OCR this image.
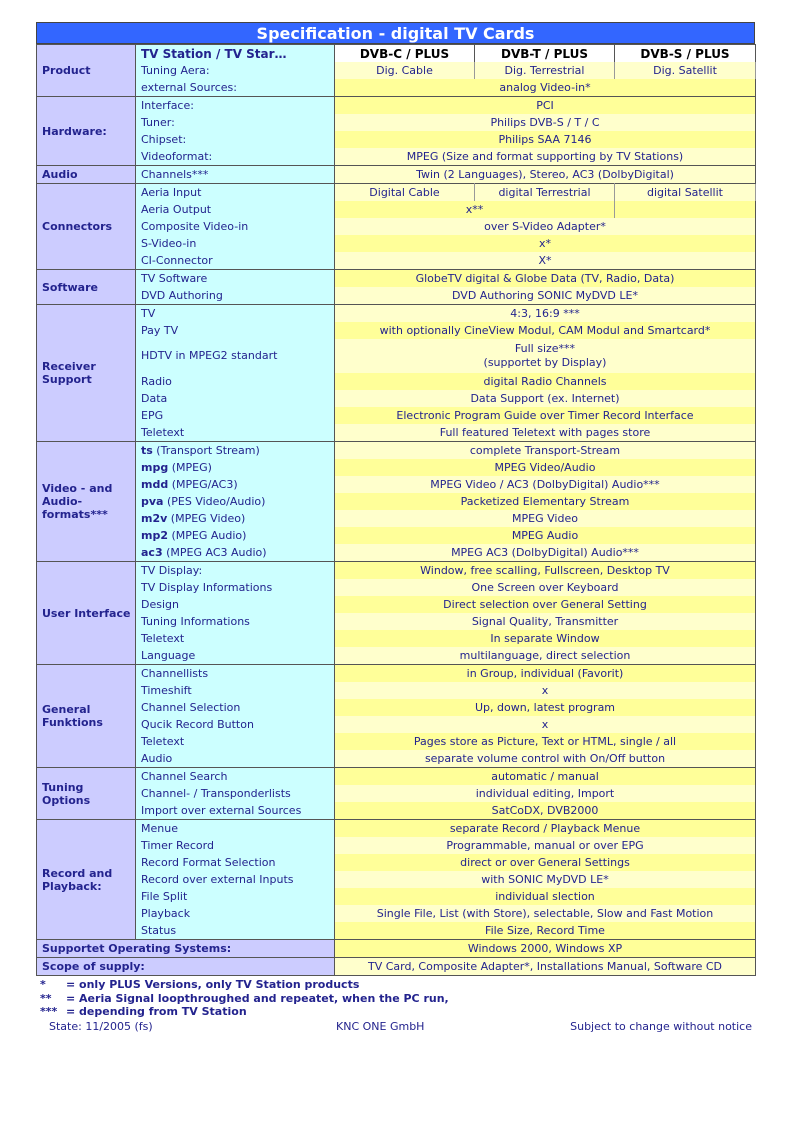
Specification - digital TV Cards
Product	TV Station / TV Star…	DVB-C / PLUS	DVB-T / PLUS	DVB-S / PLUS
	Tuning Aera:	Dig. Cable	Dig. Terrestrial	Dig. Satellit
	external Sources:	analog Video-in*		
Hardware:	Interface:	PCI		
	Tuner:	Philips DVB-S / T / C		
	Chipset:	Philips SAA 7146		
	Videoformat:	MPEG (Size and format supporting by TV Stations)		
Audio	Channels***	Twin (2 Languages), Stereo, AC3 (DolbyDigital)		
Connectors	Aeria Input	Digital Cable	digital Terrestrial	digital Satellit
	Aeria Output	x**		
	Composite Video-in	over S-Video Adapter*		
	S-Video-in	x*		
	CI-Connector	X*		
Software	TV Software	GlobeTV digital & Globe Data (TV, Radio, Data)		
	DVD Authoring	DVD Authoring SONIC MyDVD LE*		
Receiver Support	TV	4:3, 16:9 ***		
	Pay TV	with optionally CineView Modul, CAM Modul and Smartcard*		
	HDTV in MPEG2 standart	Full size***
(supportet by Display)		

	Radio	digital Radio Channels		
	Data	Data Support (ex. Internet)		
	EPG	Electronic Program Guide over Timer Record Interface		
	Teletext	Full featured Teletext with pages store		
Video - and Audio-formats***	ts (Transport Stream)	complete Transport-Stream		
	mpg (MPEG)	MPEG Video/Audio		
	mdd (MPEG/AC3)	MPEG Video / AC3 (DolbyDigital) Audio***		
	pva (PES Video/Audio)	Packetized Elementary Stream		
	m2v (MPEG Video)	MPEG Video		
	mp2 (MPEG Audio)	MPEG Audio		
	ac3 (MPEG AC3 Audio)	MPEG AC3 (DolbyDigital) Audio***		
User Interface	TV Display:	Window, free scalling, Fullscreen, Desktop TV		
	TV Display Informations	One Screen over Keyboard		
	Design	Direct selection over General Setting		
	Tuning Informations	Signal Quality, Transmitter		
	Teletext	In separate Window		
	Language	multilanguage, direct selection		
General Funktions	Channellists	in Group, individual (Favorit)		
	Timeshift	x		
	Channel Selection	Up, down, latest program		
	Qucik Record Button	x		
	Teletext	Pages store as Picture, Text or HTML, single / all		
	Audio	separate volume control with On/Off button		
Tuning Options	Channel Search	automatic / manual		
	Channel- / Transponderlists	individual editing, Import		
	Import over external Sources	SatCoDX, DVB2000		
Record and Playback:	Menue	separate Record / Playback Menue		
	Timer Record	Programmable, manual or over EPG		
	Record Format Selection	direct or over General Settings		
	Record over external Inputs	with SONIC MyDVD LE*		
	File Split	individual slection		
	Playback	Single File, List (with Store), selectable, Slow and Fast Motion		
	Status	File Size, Record Time		
Supportet Operating Systems:		Windows 2000, Windows XP		
Scope of supply:		TV Card, Composite Adapter*, Installations Manual, Software CD		
* = only PLUS Versions, only TV Station products
** = Aeria Signal loopthroughed and repeatet, when the PC run,
*** = depending from TV Station
State: 11/2005 (fs)	KNC ONE GmbH	Subject to change without notice
